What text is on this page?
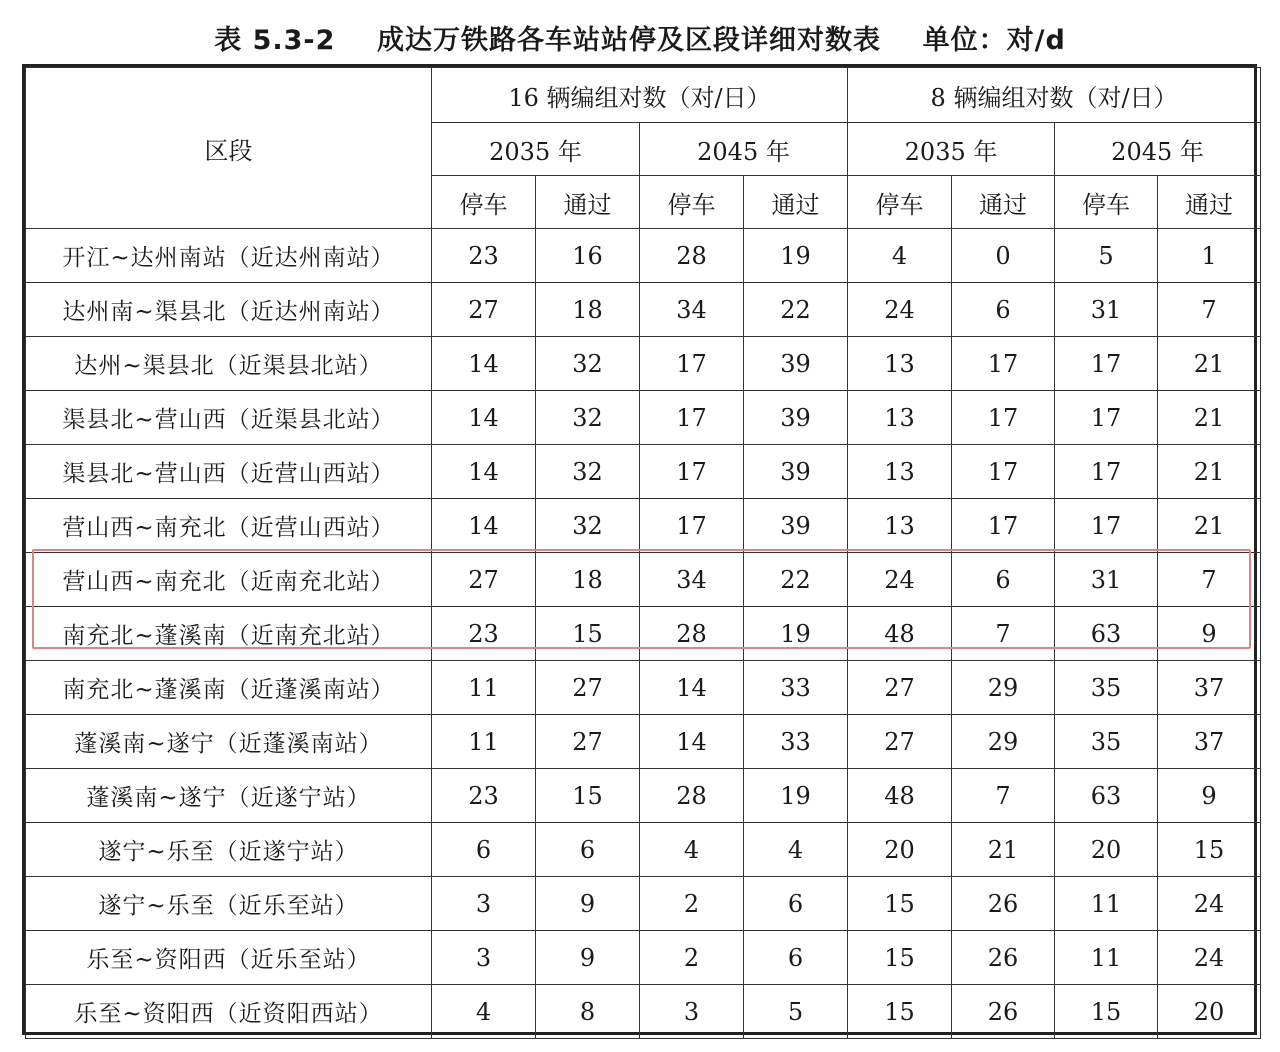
表 5.3-2    成达万铁路各车站站停及区段详细对数表    单位：对/d
区段	16 辆编组对数（对/日）				8 辆编组对数（对/日）			
	2035 年		2045 年		2035 年		2045 年	
	停车	通过	停车	通过	停车	通过	停车	通过
开江~达州南站（近达州南站）	23	16	28	19	4	0	5	1
达州南~渠县北（近达州南站）	27	18	34	22	24	6	31	7
达州~渠县北（近渠县北站）	14	32	17	39	13	17	17	21
渠县北~营山西（近渠县北站）	14	32	17	39	13	17	17	21
渠县北~营山西（近营山西站）	14	32	17	39	13	17	17	21
营山西~南充北（近营山西站）	14	32	17	39	13	17	17	21
营山西~南充北（近南充北站）	27	18	34	22	24	6	31	7
南充北~蓬溪南（近南充北站）	23	15	28	19	48	7	63	9
南充北~蓬溪南（近蓬溪南站）	11	27	14	33	27	29	35	37
蓬溪南~遂宁（近蓬溪南站）	11	27	14	33	27	29	35	37
蓬溪南~遂宁（近遂宁站）	23	15	28	19	48	7	63	9
遂宁~乐至（近遂宁站）	6	6	4	4	20	21	20	15
遂宁~乐至（近乐至站）	3	9	2	6	15	26	11	24
乐至~资阳西（近乐至站）	3	9	2	6	15	26	11	24
乐至~资阳西（近资阳西站）	4	8	3	5	15	26	15	20
